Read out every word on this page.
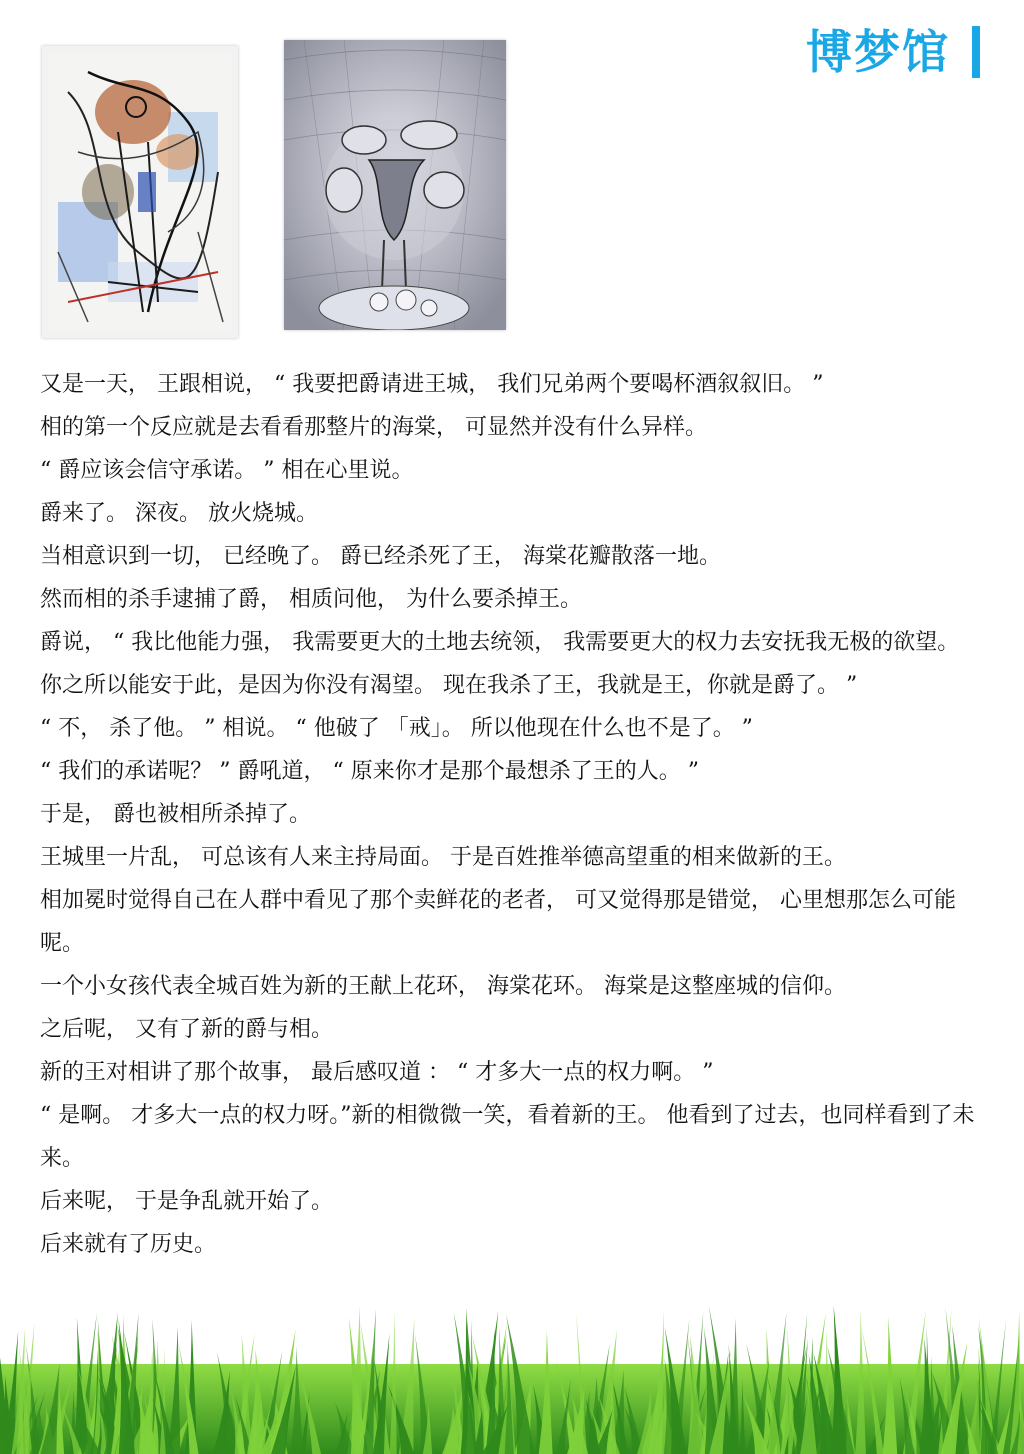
博梦馆

又是一天， 王跟相说， “ 我要把爵请进王城， 我们兄弟两个要喝杯酒叙叙旧。 ”

相的第一个反应就是去看看那整片的海棠， 可显然并没有什么异样。

“ 爵应该会信守承诺。 ” 相在心里说。

爵来了。 深夜。 放火烧城。

当相意识到一切， 已经晚了。 爵已经杀死了王， 海棠花瓣散落一地。

然而相的杀手逮捕了爵， 相质问他， 为什么要杀掉王。

爵说， “ 我比他能力强， 我需要更大的土地去统领， 我需要更大的权力去安抚我无极的欲望。 你之所以能安于此，是因为你没有渴望。 现在我杀了王，我就是王，你就是爵了。 ”

“ 不， 杀了他。 ” 相说。 “ 他破了 「戒」。 所以他现在什么也不是了。 ”

“ 我们的承诺呢？ ” 爵吼道， “ 原来你才是那个最想杀了王的人。 ”

于是， 爵也被相所杀掉了。

王城里一片乱， 可总该有人来主持局面。 于是百姓推举德高望重的相来做新的王。

相加冕时觉得自己在人群中看见了那个卖鲜花的老者， 可又觉得那是错觉， 心里想那怎么可能呢。

一个小女孩代表全城百姓为新的王献上花环， 海棠花环。 海棠是这整座城的信仰。

之后呢， 又有了新的爵与相。

新的王对相讲了那个故事， 最后感叹道 ： “ 才多大一点的权力啊。 ”

“ 是啊。 才多大一点的权力呀。”新的相微微一笑，看着新的王。 他看到了过去，也同样看到了未来。

后来呢， 于是争乱就开始了。

后来就有了历史。
